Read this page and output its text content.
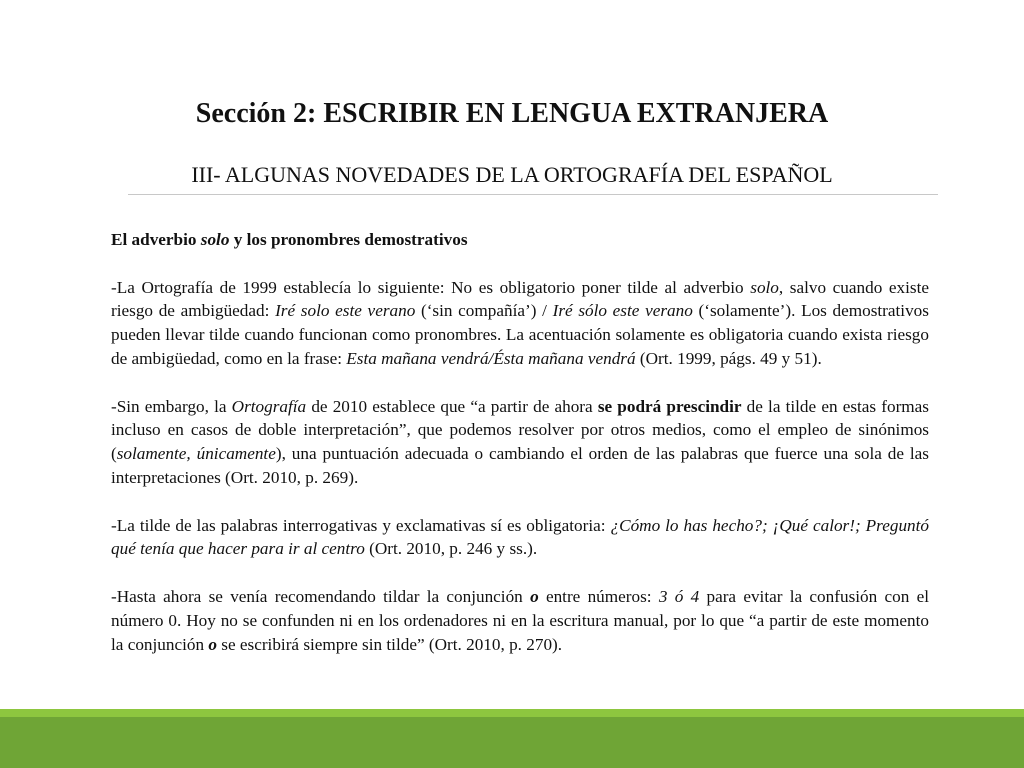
Sección 2: ESCRIBIR EN LENGUA EXTRANJERA
III- ALGUNAS NOVEDADES DE LA ORTOGRAFÍA DEL ESPAÑOL
El adverbio solo y los pronombres demostrativos

-La Ortografía de 1999 establecía lo siguiente: No es obligatorio poner tilde al adverbio solo, salvo cuando existe riesgo de ambigüedad: Iré solo este verano (‘sin compañía’) / Iré sólo este verano (‘solamente’). Los demostrativos pueden llevar tilde cuando funcionan como pronombres. La acentuación solamente es obligatoria cuando exista riesgo de ambigüedad, como en la frase: Esta mañana vendrá/Ésta mañana vendrá (Ort. 1999, págs. 49 y 51).

-Sin embargo, la Ortografía de 2010 establece que “a partir de ahora se podrá prescindir de la tilde en estas formas incluso en casos de doble interpretación”, que podemos resolver por otros medios, como el empleo de sinónimos (solamente, únicamente), una puntuación adecuada o cambiando el orden de las palabras que fuerce una sola de las interpretaciones (Ort. 2010, p. 269).

-La tilde de las palabras interrogativas y exclamativas sí es obligatoria: ¿Cómo lo has hecho?; ¡Qué calor!; Preguntó qué tenía que hacer para ir al centro (Ort. 2010, p. 246 y ss.).

-Hasta ahora se venía recomendando tildar la conjunción o entre números: 3 ó 4 para evitar la confusión con el número 0. Hoy no se confunden ni en los ordenadores ni en la escritura manual, por lo que “a partir de este momento la conjunción o se escribirá siempre sin tilde” (Ort. 2010, p. 270).
